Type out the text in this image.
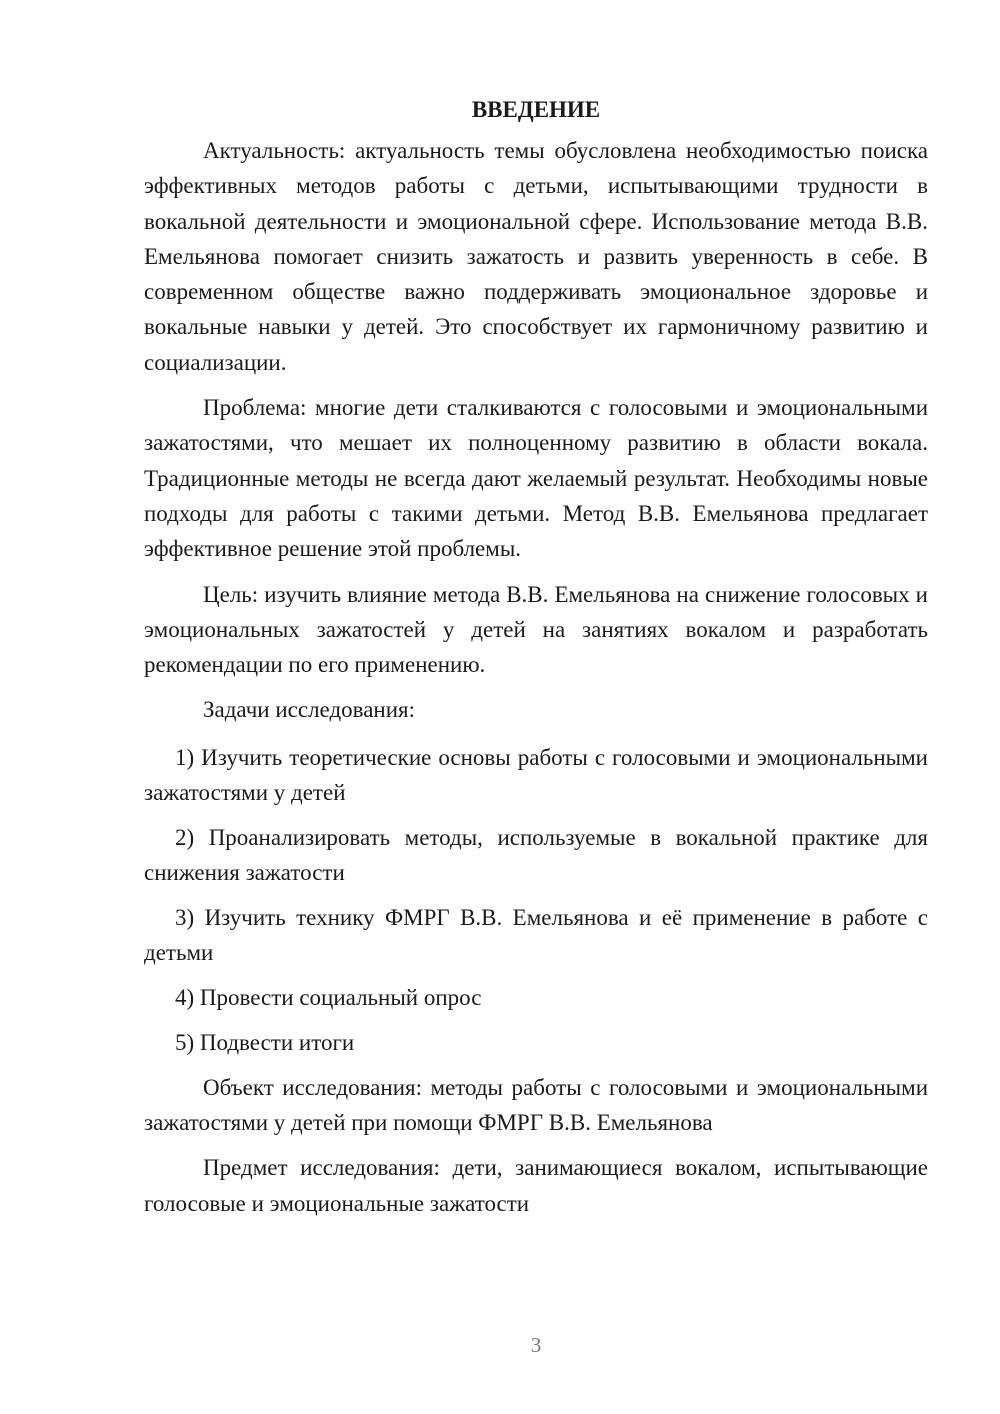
ВВЕДЕНИЕ

Актуальность: актуальность темы обусловлена необходимостью поиска эффективных методов работы с детьми, испытывающими трудности в вокальной деятельности и эмоциональной сфере. Использование метода В.В. Емельянова помогает снизить зажатость и развить уверенность в себе. В современном обществе важно поддерживать эмоциональное здоровье и вокальные навыки у детей. Это способствует их гармоничному развитию и социализации.

Проблема: многие дети сталкиваются с голосовыми и эмоциональными зажатостями, что мешает их полноценному развитию в области вокала. Традиционные методы не всегда дают желаемый результат. Необходимы новые подходы для работы с такими детьми. Метод В.В. Емельянова предлагает эффективное решение этой проблемы.

Цель: изучить влияние метода В.В. Емельянова на снижение голосовых и эмоциональных зажатостей у детей на занятиях вокалом и разработать рекомендации по его применению.

Задачи исследования:

1) Изучить теоретические основы работы с голосовыми и эмоциональными зажатостями у детей

2) Проанализировать методы, используемые в вокальной практике для снижения зажатости

3) Изучить технику ФМРГ В.В. Емельянова и её применение в работе с детьми

4) Провести социальный опрос

5) Подвести итоги

Объект исследования: методы работы с голосовыми и эмоциональными зажатостями у детей при помощи ФМРГ В.В. Емельянова

Предмет исследования: дети, занимающиеся вокалом, испытывающие голосовые и эмоциональные зажатости

3
